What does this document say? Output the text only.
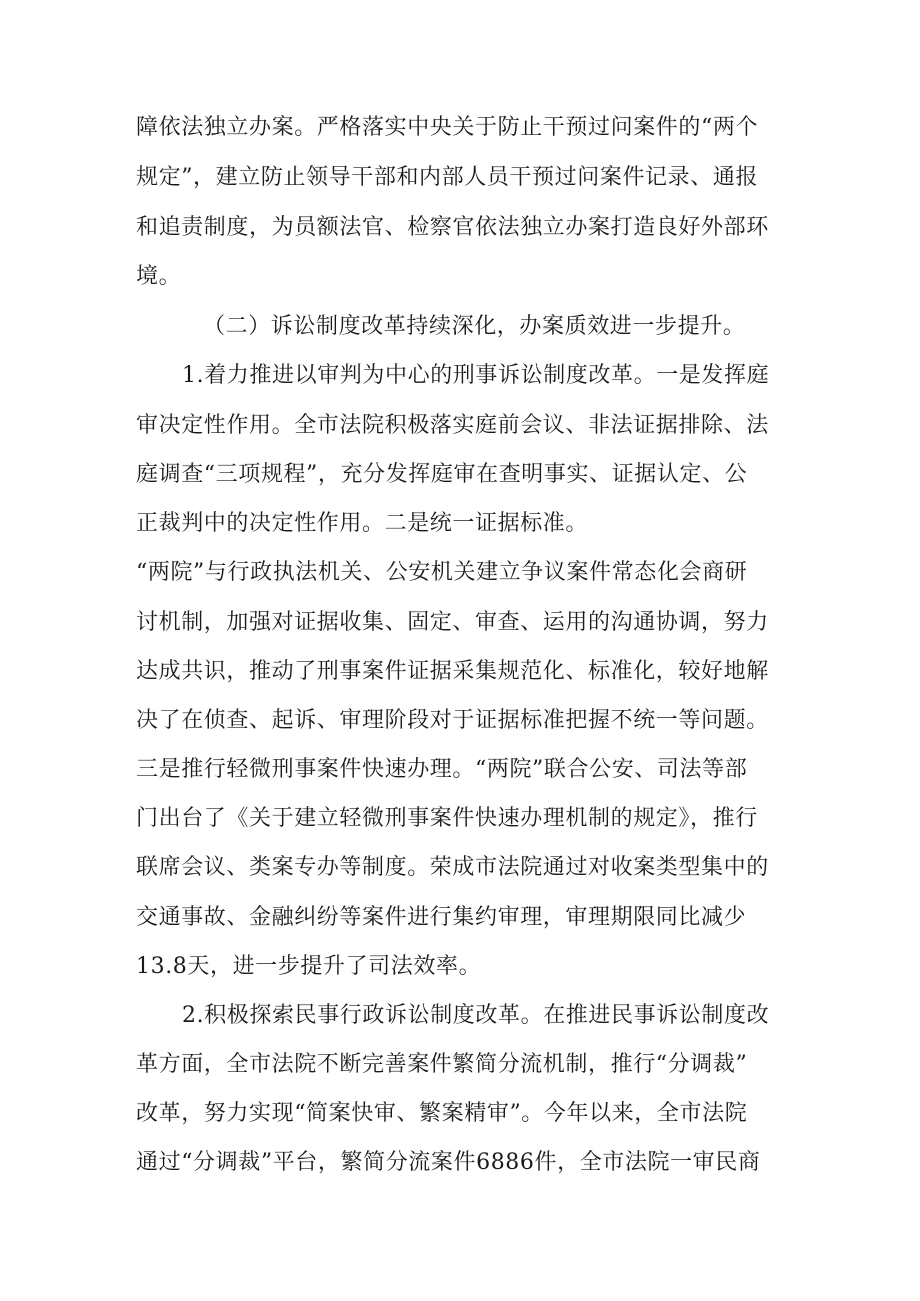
障依法独立办案。严格落实中央关于防止干预过问案件的“两个
规定”，建立防止领导干部和内部人员干预过问案件记录、通报
和追责制度，为员额法官、检察官依法独立办案打造良好外部环
境。
（二）诉讼制度改革持续深化，办案质效进一步提升。
1.着力推进以审判为中心的刑事诉讼制度改革。一是发挥庭
审决定性作用。全市法院积极落实庭前会议、非法证据排除、法
庭调查“三项规程”，充分发挥庭审在查明事实、证据认定、公
正裁判中的决定性作用。二是统一证据标准。
“两院”与行政执法机关、公安机关建立争议案件常态化会商研
讨机制，加强对证据收集、固定、审查、运用的沟通协调，努力
达成共识，推动了刑事案件证据采集规范化、标准化，较好地解
决了在侦查、起诉、审理阶段对于证据标准把握不统一等问题。
三是推行轻微刑事案件快速办理。“两院”联合公安、司法等部
门出台了《关于建立轻微刑事案件快速办理机制的规定》，推行
联席会议、类案专办等制度。荣成市法院通过对收案类型集中的
交通事故、金融纠纷等案件进行集约审理，审理期限同比减少
13.8天，进一步提升了司法效率。
2.积极探索民事行政诉讼制度改革。在推进民事诉讼制度改
革方面，全市法院不断完善案件繁简分流机制，推行“分调裁”
改革，努力实现“简案快审、繁案精审”。今年以来，全市法院
通过“分调裁”平台，繁简分流案件6886件，全市法院一审民商
